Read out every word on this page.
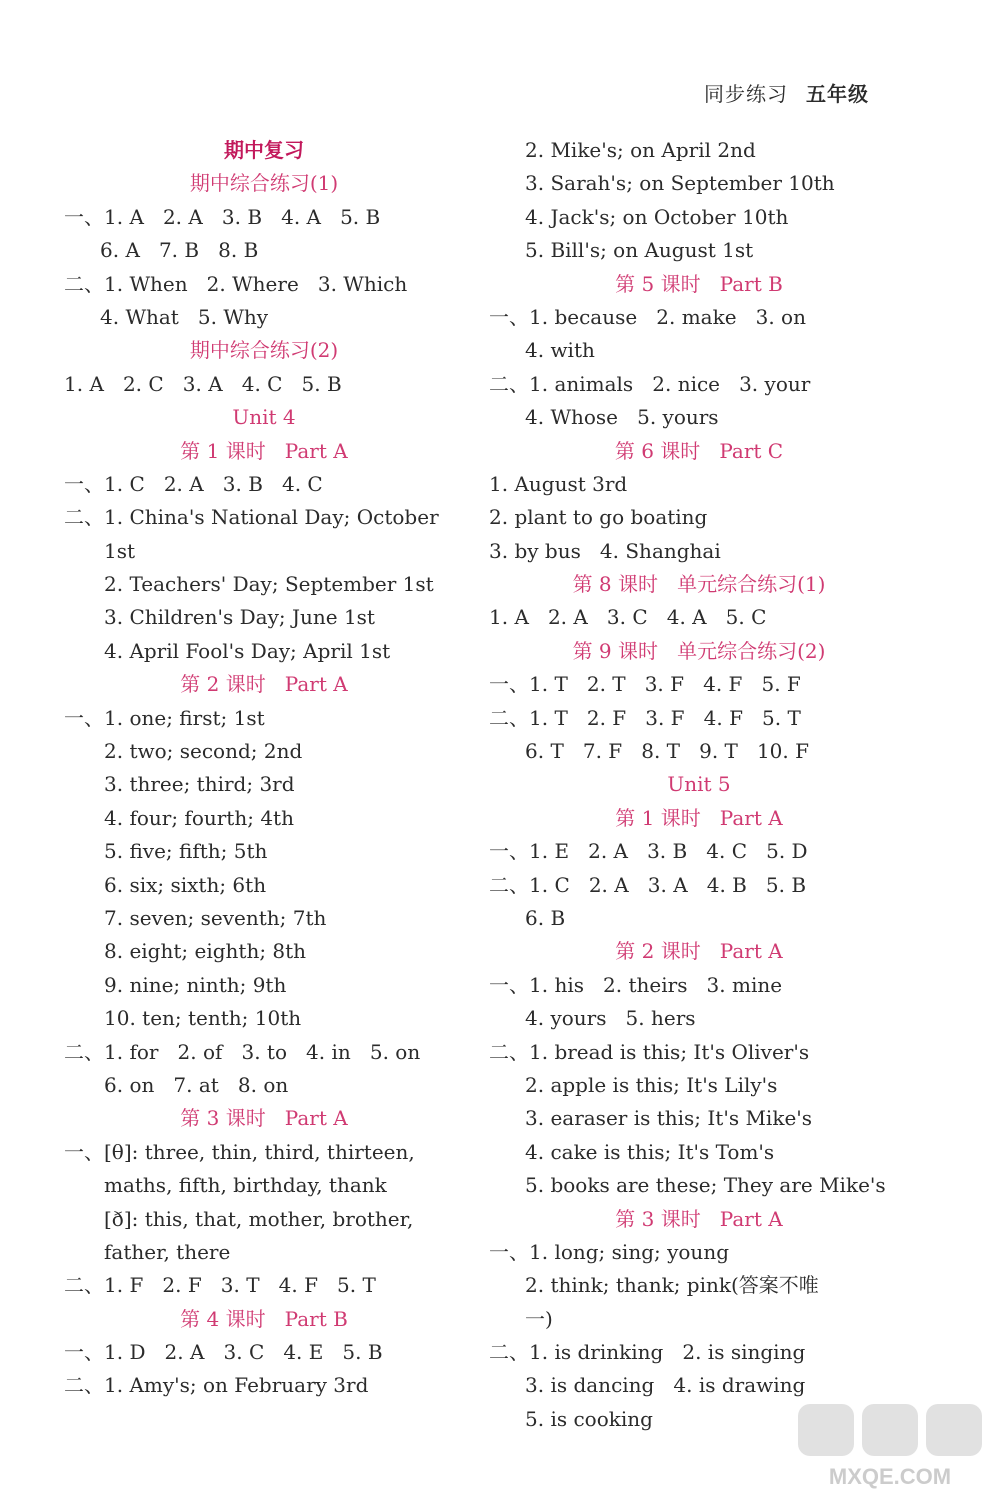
同步练习 五年级
期中复习
期中综合练习(1)
一、1. A   2. A   3. B   4. A   5. B
6. A   7. B   8. B
二、1. When   2. Where   3. Which
4. What   5. Why
期中综合练习(2)
1. A   2. C   3. A   4. C   5. B
Unit 4
第 1 课时   Part A
一、1. C   2. A   3. B   4. C
二、1. China's National Day; October
1st
2. Teachers' Day; September 1st
3. Children's Day; June 1st
4. April Fool's Day; April 1st
第 2 课时   Part A
一、1. one; first; 1st
2. two; second; 2nd
3. three; third; 3rd
4. four; fourth; 4th
5. five; fifth; 5th
6. six; sixth; 6th
7. seven; seventh; 7th
8. eight; eighth; 8th
9. nine; ninth; 9th
10. ten; tenth; 10th
二、1. for   2. of   3. to   4. in   5. on
6. on   7. at   8. on
第 3 课时   Part A
一、[θ]: three, thin, third, thirteen,
maths, fifth, birthday, thank
[ð]: this, that, mother, brother,
father, there
二、1. F   2. F   3. T   4. F   5. T
第 4 课时   Part B
一、1. D   2. A   3. C   4. E   5. B
二、1. Amy's; on February 3rd
2. Mike's; on April 2nd
3. Sarah's; on September 10th
4. Jack's; on October 10th
5. Bill's; on August 1st
第 5 课时   Part B
一、1. because   2. make   3. on
4. with
二、1. animals   2. nice   3. your
4. Whose   5. yours
第 6 课时   Part C
1. August 3rd
2. plant to go boating
3. by bus   4. Shanghai
第 8 课时   单元综合练习(1)
1. A   2. A   3. C   4. A   5. C
第 9 课时   单元综合练习(2)
一、1. T   2. T   3. F   4. F   5. F
二、1. T   2. F   3. F   4. F   5. T
6. T   7. F   8. T   9. T   10. F
Unit 5
第 1 课时   Part A
一、1. E   2. A   3. B   4. C   5. D
二、1. C   2. A   3. A   4. B   5. B
6. B
第 2 课时   Part A
一、1. his   2. theirs   3. mine
4. yours   5. hers
二、1. bread is this; It's Oliver's
2. apple is this; It's Lily's
3. earaser is this; It's Mike's
4. cake is this; It's Tom's
5. books are these; They are Mike's
第 3 课时   Part A
一、1. long; sing; young
2. think; thank; pink(答案不唯
一)
二、1. is drinking   2. is singing
3. is dancing   4. is drawing
5. is cooking
MXQE.COM
